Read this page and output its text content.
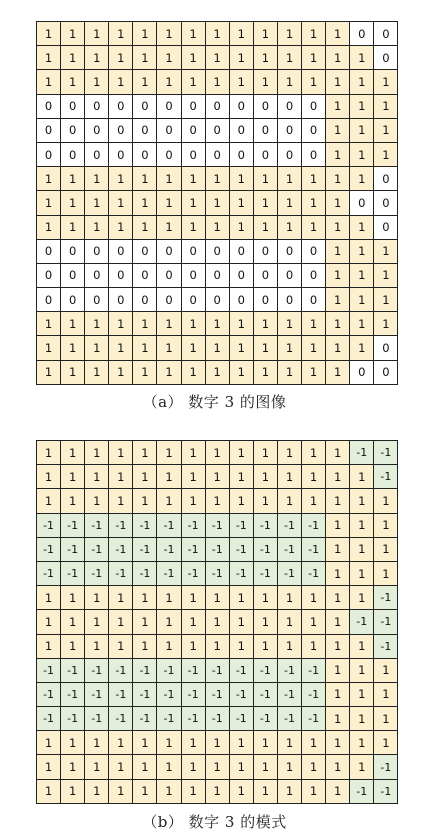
1	1	1	1	1	1	1	1	1	1	1	1	1	0	0
1	1	1	1	1	1	1	1	1	1	1	1	1	1	0
1	1	1	1	1	1	1	1	1	1	1	1	1	1	1
0	0	0	0	0	0	0	0	0	0	0	0	1	1	1
0	0	0	0	0	0	0	0	0	0	0	0	1	1	1
0	0	0	0	0	0	0	0	0	0	0	0	1	1	1
1	1	1	1	1	1	1	1	1	1	1	1	1	1	0
1	1	1	1	1	1	1	1	1	1	1	1	1	0	0
1	1	1	1	1	1	1	1	1	1	1	1	1	1	0
0	0	0	0	0	0	0	0	0	0	0	0	1	1	1
0	0	0	0	0	0	0	0	0	0	0	0	1	1	1
0	0	0	0	0	0	0	0	0	0	0	0	1	1	1
1	1	1	1	1	1	1	1	1	1	1	1	1	1	1
1	1	1	1	1	1	1	1	1	1	1	1	1	1	0
1	1	1	1	1	1	1	1	1	1	1	1	1	0	0
（a） 数字 3 的图像
1	1	1	1	1	1	1	1	1	1	1	1	1	-1	-1
1	1	1	1	1	1	1	1	1	1	1	1	1	1	-1
1	1	1	1	1	1	1	1	1	1	1	1	1	1	1
-1	-1	-1	-1	-1	-1	-1	-1	-1	-1	-1	-1	1	1	1
-1	-1	-1	-1	-1	-1	-1	-1	-1	-1	-1	-1	1	1	1
-1	-1	-1	-1	-1	-1	-1	-1	-1	-1	-1	-1	1	1	1
1	1	1	1	1	1	1	1	1	1	1	1	1	1	-1
1	1	1	1	1	1	1	1	1	1	1	1	1	-1	-1
1	1	1	1	1	1	1	1	1	1	1	1	1	1	-1
-1	-1	-1	-1	-1	-1	-1	-1	-1	-1	-1	-1	1	1	1
-1	-1	-1	-1	-1	-1	-1	-1	-1	-1	-1	-1	1	1	1
-1	-1	-1	-1	-1	-1	-1	-1	-1	-1	-1	-1	1	1	1
1	1	1	1	1	1	1	1	1	1	1	1	1	1	1
1	1	1	1	1	1	1	1	1	1	1	1	1	1	-1
1	1	1	1	1	1	1	1	1	1	1	1	1	-1	-1
（b） 数字 3 的模式
